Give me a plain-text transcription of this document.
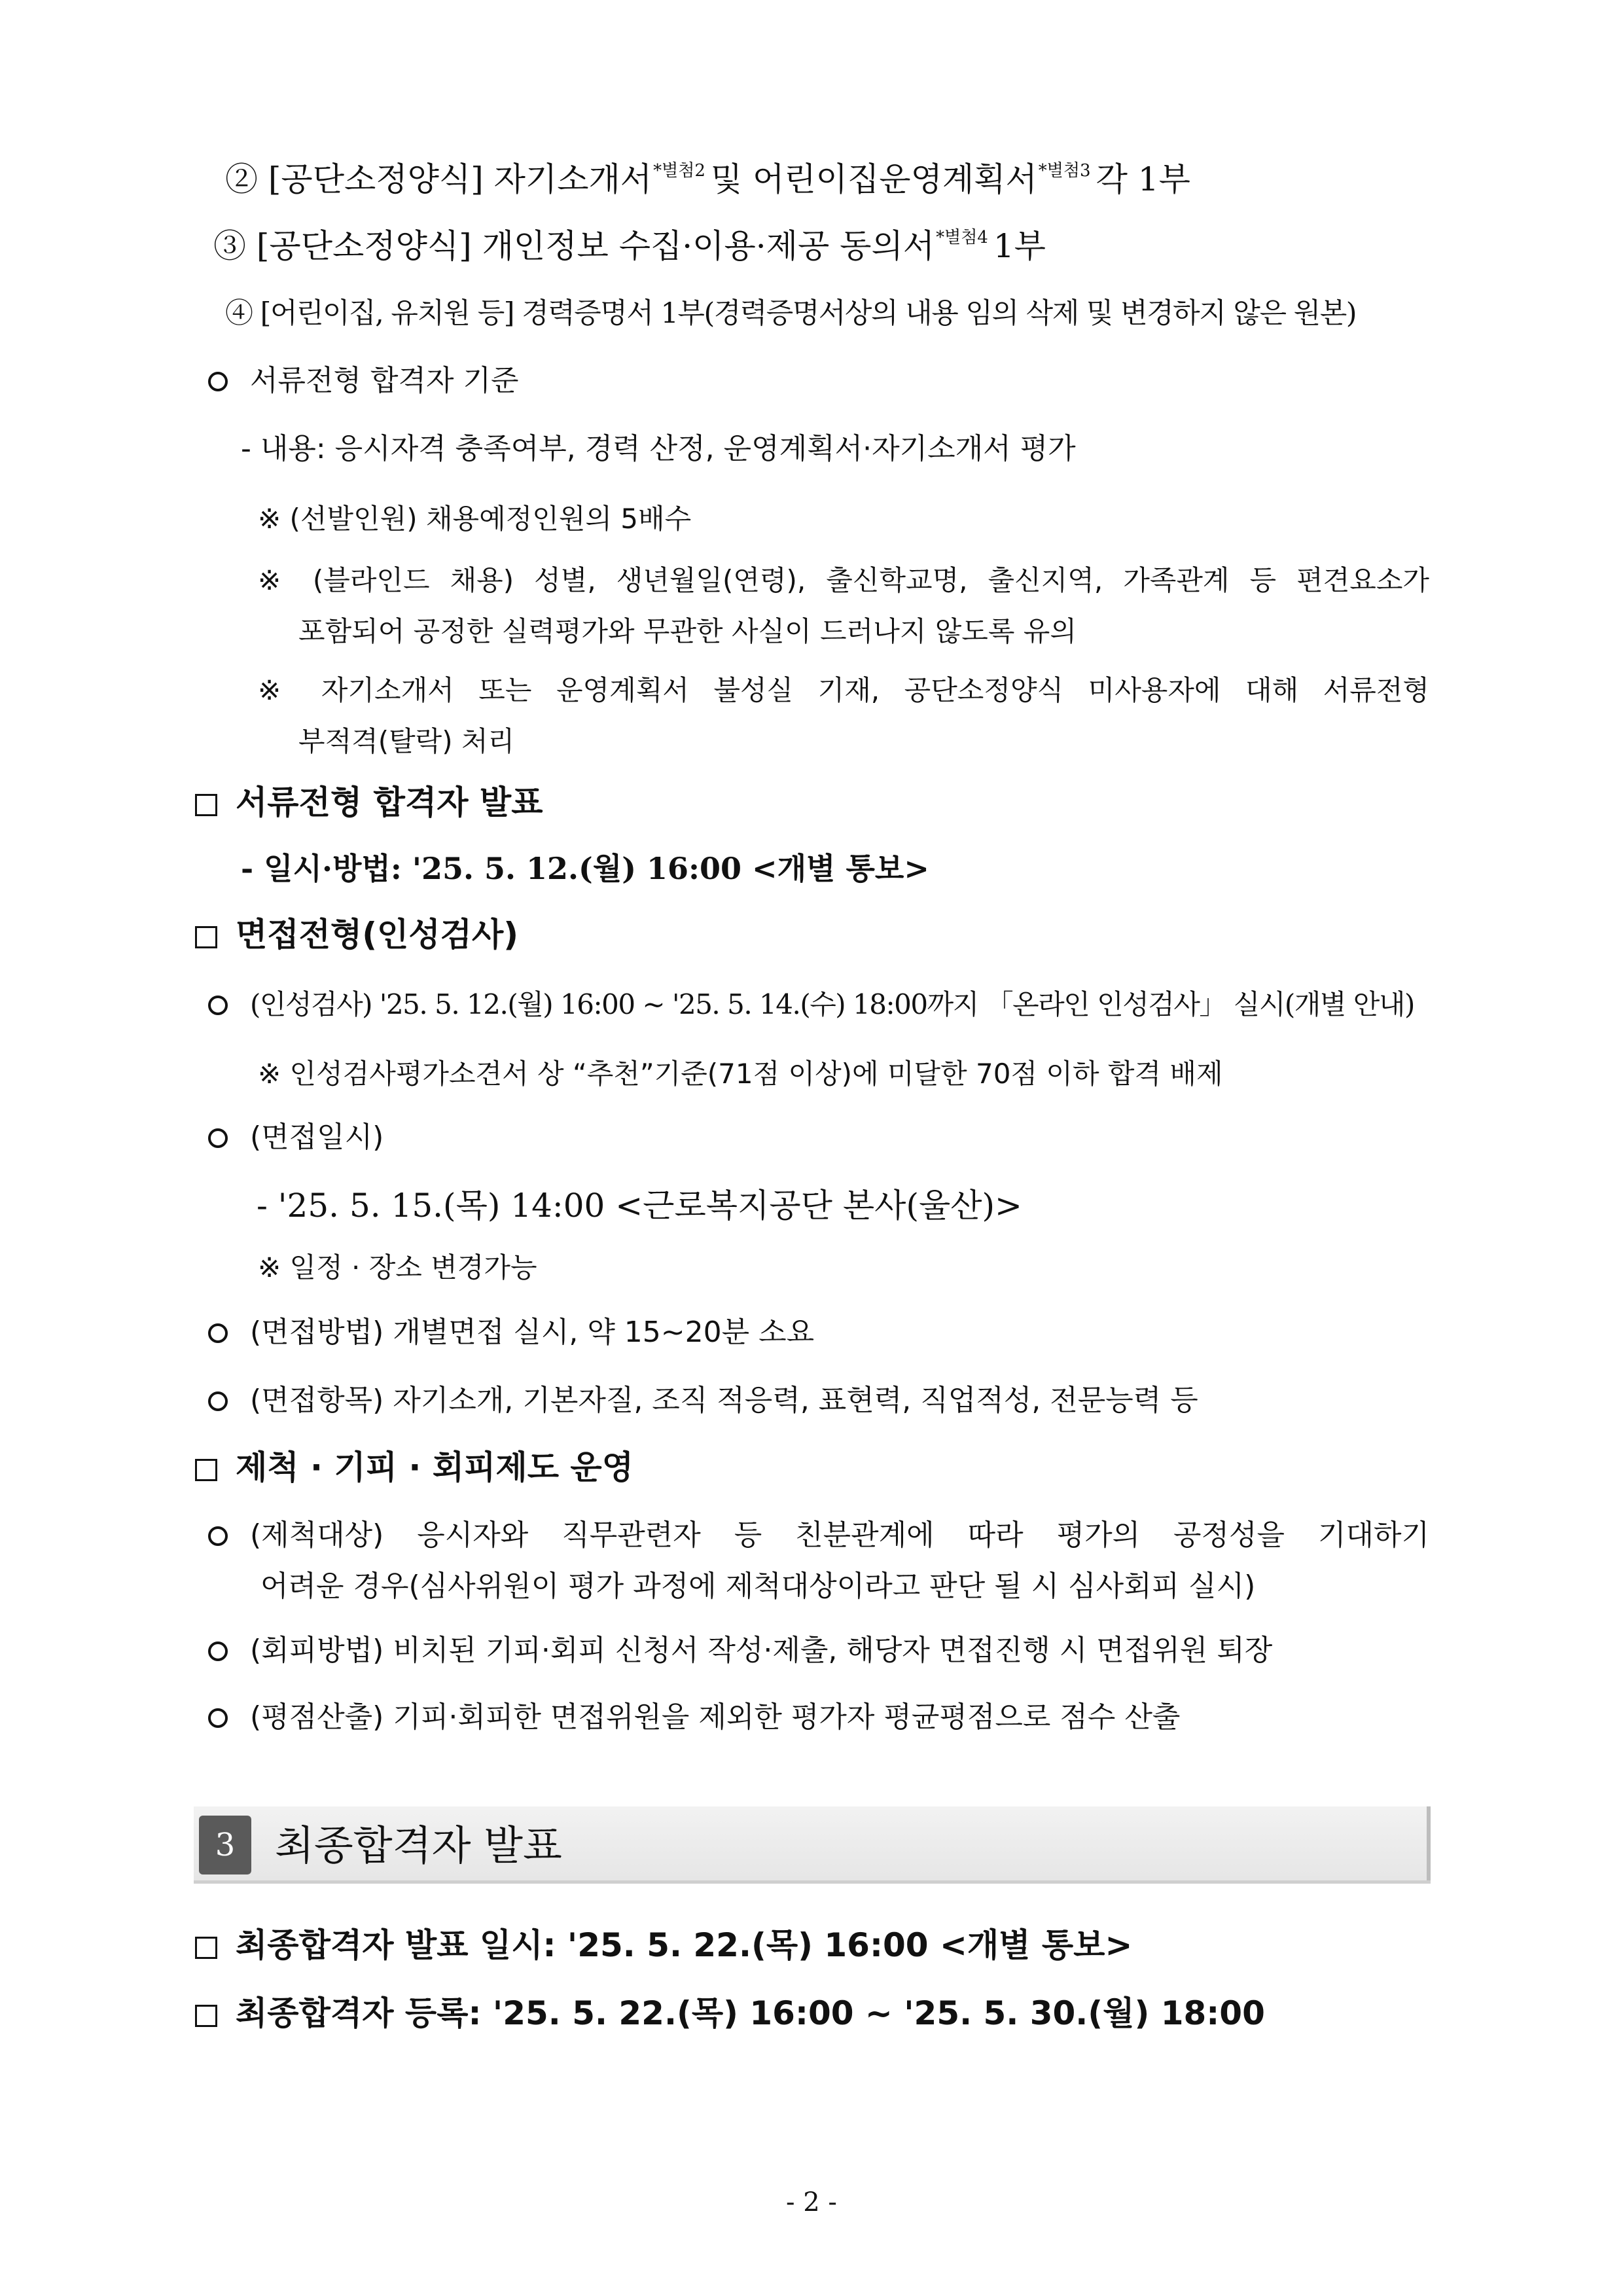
② [공단소정양식] 자기소개서$^{*별첨2}$ 및 어린이집운영계획서$^{*별첨3}$ 각 1부
③ [공단소정양식] 개인정보 수집·이용·제공 동의서$^{*별첨4}$ 1부
④ [어린이집, 유치원 등] 경력증명서 1부(경력증명서상의 내용 임의 삭제 및 변경하지 않은 원본)
서류전형 합격자 기준
- 내용: 응시자격 충족여부, 경력 산정, 운영계획서·자기소개서 평가
※ (선발인원) 채용예정인원의 5배수
※ (블라인드 채용) 성별, 생년월일(연령), 출신학교명, 출신지역, 가족관계 등 편견요소가
포함되어 공정한 실력평가와 무관한 사실이 드러나지 않도록 유의
※ 자기소개서 또는 운영계획서 불성실 기재, 공단소정양식 미사용자에 대해 서류전형
부적격(탈락) 처리
서류전형 합격자 발표
- 일시·방법: '25. 5. 12.(월) 16:00 <개별 통보>
면접전형(인성검사)
(인성검사) '25. 5. 12.(월) 16:00 ~ '25. 5. 14.(수) 18:00까지 「온라인 인성검사」 실시(개별 안내)
※ 인성검사평가소견서 상 “추천”기준(71점 이상)에 미달한 70점 이하 합격 배제
(면접일시)
- '25. 5. 15.(목) 14:00 <근로복지공단 본사(울산)>
※ 일정 · 장소 변경가능
(면접방법) 개별면접 실시, 약 15~20분 소요
(면접항목) 자기소개, 기본자질, 조직 적응력, 표현력, 직업적성, 전문능력 등
제척 · 기피 · 회피제도 운영
(제척대상) 응시자와 직무관련자 등 친분관계에 따라 평가의 공정성을 기대하기
어려운 경우(심사위원이 평가 과정에 제척대상이라고 판단 될 시 심사회피 실시)
(회피방법) 비치된 기피·회피 신청서 작성·제출, 해당자 면접진행 시 면접위원 퇴장
(평점산출) 기피·회피한 면접위원을 제외한 평가자 평균평점으로 점수 산출
3 최종합격자 발표
최종합격자 발표 일시: '25. 5. 22.(목) 16:00 <개별 통보>
최종합격자 등록: '25. 5. 22.(목) 16:00 ~ '25. 5. 30.(월) 18:00
- 2 -
